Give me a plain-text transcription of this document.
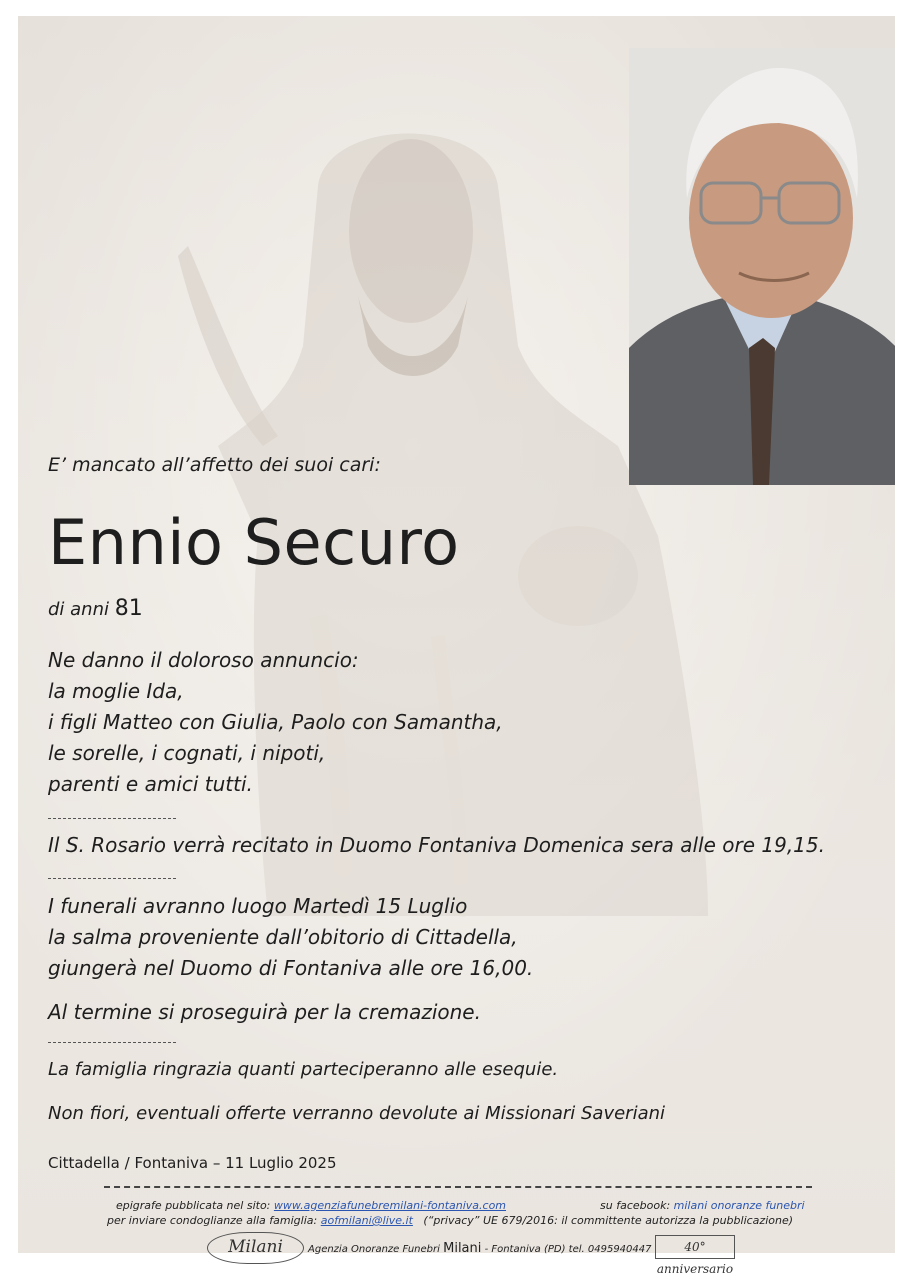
E’ mancato all’affetto dei suoi cari:
Ennio Securo
di anni 81
Ne danno il doloroso annuncio:
la moglie Ida,
i figli Matteo con Giulia, Paolo con Samantha,
le sorelle, i cognati, i nipoti,
parenti e amici tutti.
Il S. Rosario verrà recitato in Duomo Fontaniva Domenica sera alle ore 19,15.
I funerali avranno luogo Martedì 15 Luglio
la salma proveniente dall’obitorio di Cittadella,
giungerà nel Duomo di Fontaniva alle ore 16,00.
Al termine si proseguirà per la cremazione.
La famiglia ringrazia quanti parteciperanno alle esequie.
Non fiori, eventuali offerte verranno devolute ai Missionari Saveriani
Cittadella / Fontaniva – 11 Luglio 2025
epigrafe pubblicata nel sito: www.agenziafunebremilani-fontaniva.com	su facebook: milani onoranze funebri
per inviare condoglianze alla famiglia: aofmilani@live.it (“privacy” UE 679/2016: il committente autorizza la pubblicazione)
Milani	Agenzia Onoranze Funebri Milani - Fontaniva (PD) tel. 0495940447	40° anniversario
